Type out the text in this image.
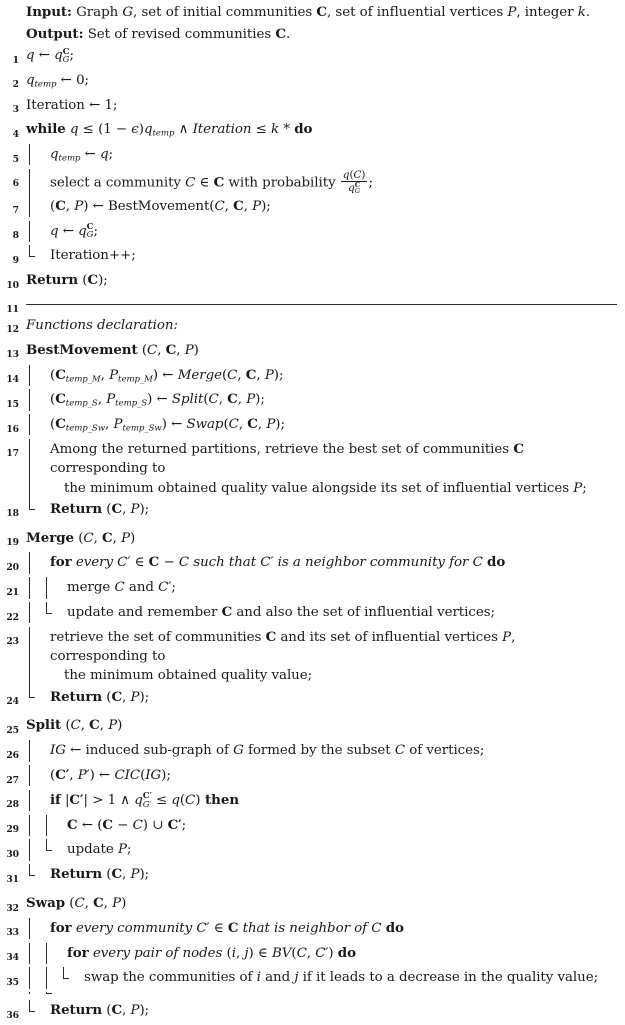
Input: Graph G, set of initial communities C, set of influential vertices P, integer k.
Output: Set of revised communities C.
1 q ← q C
G ;
2 $q_{temp}$ ← 0;
3 Iteration ← 1;
4 while $q \le (1 - \epsilon)q_{temp}$ ∧ Iteration ≤ k * do
5	$q_{temp}$ ← q;
6	select a community C ∈ C with probability q(C)
q C
G ;
7	(C, P) ← BestMovement(C, C, P);
8	q ← q C
G ;
9	Iteration++;
10 Return (C);
11
12 Functions declaration:
13 BestMovement (C, C, P)
14	($C_{temp\_M}$, $P_{temp\_M}$) ← Merge(C, C, P);
15	($C_{temp\_S}$, $P_{temp\_S}$) ← Split(C, C, P);
16	($C_{temp\_Sw}$, $P_{temp\_Sw}$) ← Swap(C, C, P);
17	Among the returned partitions, retrieve the best set of communities C corresponding to
the minimum obtained quality value alongside its set of influential vertices P;
18	Return (C, P);
19 Merge (C, C, P)
20	for every C′ ∈ C − C such that C′ is a neighbor community for C do
21	merge C and C′;
22	update and remember C and also the set of influential vertices;
23	retrieve the set of communities C and its set of influential vertices P, corresponding to
the minimum obtained quality value;
24	Return (C, P);
25 Split (C, C, P)
26	IG ← induced sub-graph of G formed by the subset C of vertices;
27	(C′, P′) ← CIC(IG);
28	if |C′| > 1 ∧ q C′
G′ ≤ q(C) then
29	C ← (C − C) ∪ C′;
30	update P;
31	Return (C, P);
32 Swap (C, C, P)
33	for every community C′ ∈ C that is neighbor of C do
34	for every pair of nodes (i, j) ∈ BV(C, C′) do
35	swap the communities of i and j if it leads to a decrease in the quality value;
36	Return (C, P);
